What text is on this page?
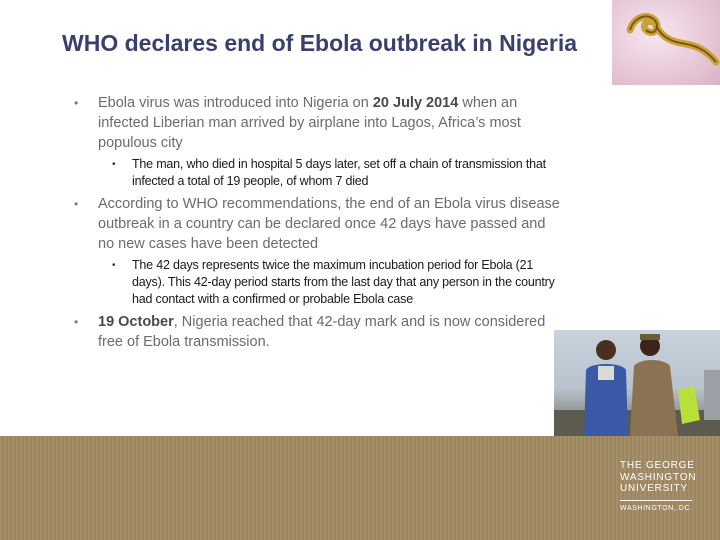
WHO declares end of Ebola outbreak in Nigeria
• Ebola virus was introduced into Nigeria on 20 July 2014 when an infected Liberian man arrived by airplane into Lagos, Africa’s most populous city
• The man, who died in hospital 5 days later, set off a chain of transmission that infected a total of 19 people, of whom 7 died
• According to WHO recommendations, the end of an Ebola virus disease outbreak in a country can be declared once 42 days have passed and no new cases have been detected
• The 42 days represents twice the maximum incubation period for Ebola (21 days). This 42-day period starts from the last day that any person in the country had contact with a confirmed or probable Ebola case
• 19 October, Nigeria reached that 42-day mark and is now considered free of Ebola transmission.
THE GEORGE
WASHINGTON
UNIVERSITY
WASHINGTON, DC
